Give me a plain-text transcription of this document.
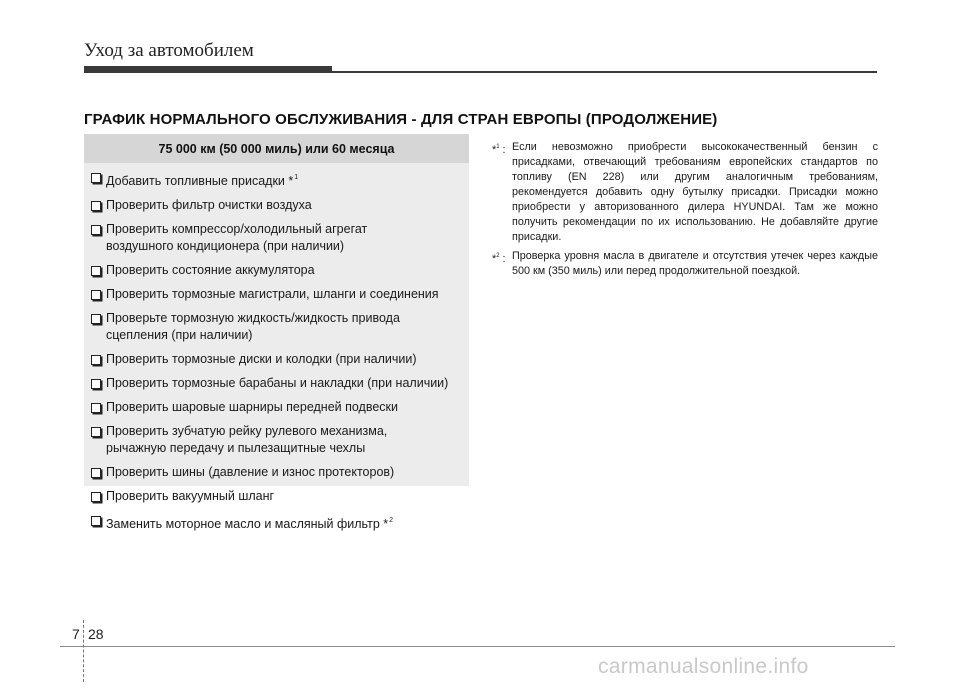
Уход за автомобилем
ГРАФИК НОРМАЛЬНОГО ОБСЛУЖИВАНИЯ - ДЛЯ СТРАН ЕВРОПЫ (ПРОДОЛЖЕНИЕ)
75 000 км (50 000 миль) или 60 месяца
Добавить топливные присадки *$^1$
Проверить фильтр очистки воздуха
Проверить компрессор/холодильный агрегат
воздушного кондиционера (при наличии)
Проверить состояние аккумулятора
Проверить тормозные магистрали, шланги и соединения
Проверьте тормозную жидкость/жидкость привода
сцепления (при наличии)
Проверить тормозные диски и колодки (при наличии)
Проверить тормозные барабаны и накладки (при наличии)
Проверить шаровые шарниры передней подвески
Проверить зубчатую рейку рулевого механизма,
рычажную передачу и пылезащитные чехлы
Проверить шины (давление и износ протекторов)
Проверить вакуумный шланг
Заменить моторное масло и масляный фильтр *$^2$
*$^1$ : Если невозможно приобрести высококачественный бензин с присадками, отвечающий требованиям европейских стандартов по топливу (EN 228) или другим аналогичным требованиям, рекомендуется добавить одну бутылку присадки. Присадки можно приобрести у авторизованного дилера HYUNDAI. Там же можно получить рекомендации по их использованию. Не добавляйте другие присадки.
*$^2$ : Проверка уровня масла в двигателе и отсутствия утечек через каждые 500 км (350 миль) или перед продолжительной поездкой.
7 28
carmanualsonline.info
